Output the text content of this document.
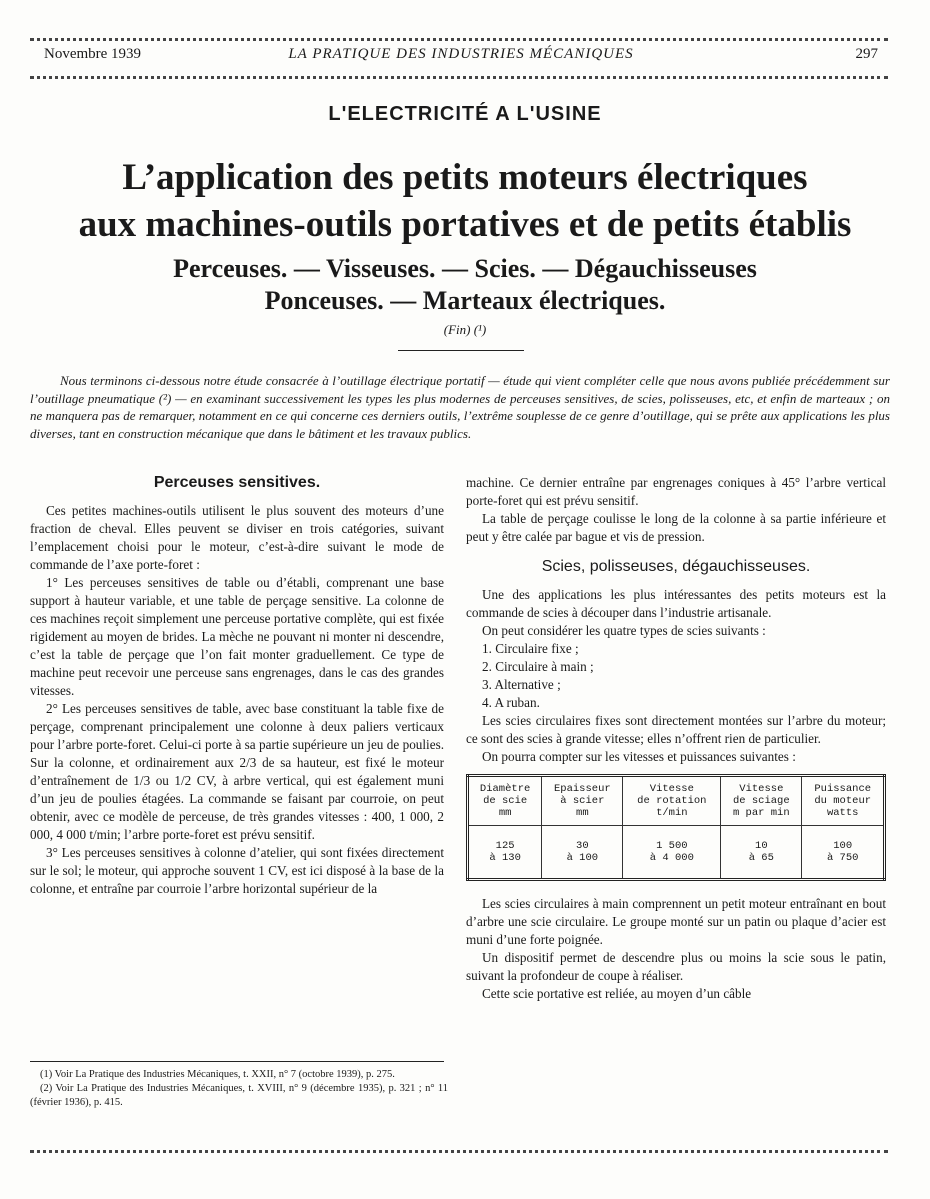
Novembre 1939	LA PRATIQUE DES INDUSTRIES MÉCANIQUES	297
L'ELECTRICITÉ A L'USINE
L’application des petits moteurs électriques
aux machines-outils portatives et de petits établis
Perceuses. — Visseuses. — Scies. — Dégauchisseuses
Ponceuses. — Marteaux électriques.
(Fin) (¹)

Nous terminons ci-dessous notre étude consacrée à l’outillage électrique portatif — étude qui vient compléter celle que nous avons publiée précédemment sur l’outillage pneumatique (²) — en examinant successivement les types les plus modernes de perceuses sensitives, de scies, polisseuses, etc, et enfin de marteaux ; on ne manquera pas de remarquer, notamment en ce qui concerne ces derniers outils, l’extrême souplesse de ce genre d’outillage, qui se prête aux applications les plus diverses, tant en construction mécanique que dans le bâtiment et les travaux publics.

Perceuses sensitives.

Ces petites machines-outils utilisent le plus souvent des moteurs d’une fraction de cheval. Elles peuvent se diviser en trois catégories, suivant l’emplacement choisi pour le moteur, c’est-à-dire suivant le mode de commande de l’axe porte-foret :

1° Les perceuses sensitives de table ou d’établi, comprenant une base support à hauteur variable, et une table de perçage sensitive. La colonne de ces machines reçoit simplement une perceuse portative complète, qui est fixée rigidement au moyen de brides. La mèche ne pouvant ni monter ni descendre, c’est la table de perçage que l’on fait monter graduellement. Ce type de machine peut recevoir une perceuse sans engrenages, dans le cas des grandes vitesses.

2° Les perceuses sensitives de table, avec base constituant la table fixe de perçage, comprenant principalement une colonne à deux paliers verticaux pour l’arbre porte-foret. Celui-ci porte à sa partie supérieure un jeu de poulies. Sur la colonne, et ordinairement aux 2/3 de sa hauteur, est fixé le moteur d’entraînement de 1/3 ou 1/2 CV, à arbre vertical, qui est également muni d’un jeu de poulies étagées. La commande se faisant par courroie, on peut obtenir, avec ce modèle de perceuse, de très grandes vitesses : 400, 1 000, 2 000, 4 000 t/min; l’arbre porte-foret est prévu sensitif.

3° Les perceuses sensitives à colonne d’atelier, qui sont fixées directement sur le sol; le moteur, qui approche souvent 1 CV, est ici disposé à la base de la colonne, et entraîne par courroie l’arbre horizontal supérieur de la

(1) Voir La Pratique des Industries Mécaniques, t. XXII, n° 7 (octobre 1939), p. 275.

(2) Voir La Pratique des Industries Mécaniques, t. XVIII, n° 9 (décembre 1935), p. 321 ; n° 11 (février 1936), p. 415.

machine. Ce dernier entraîne par engrenages coniques à 45° l’arbre vertical porte-foret qui est prévu sensitif.

La table de perçage coulisse le long de la colonne à sa partie inférieure et peut y être calée par bague et vis de pression.

Scies, polisseuses, dégauchisseuses.

Une des applications les plus intéressantes des petits moteurs est la commande de scies à découper dans l’industrie artisanale.

On peut considérer les quatre types de scies suivants :

1. Circulaire fixe ;
2. Circulaire à main ;
3. Alternative ;
4. A ruban.

Les scies circulaires fixes sont directement montées sur l’arbre du moteur; ce sont des scies à grande vitesse; elles n’offrent rien de particulier.

On pourra compter sur les vitesses et puissances suivantes :

Diamètre
de scie
mm	Epaisseur
à scier
mm	Vitesse
de rotation
t/min	Vitesse
de sciage
m par min	Puissance
du moteur
watts
125
à 130	30
à 100	1 500
à 4 000	10
à 65	100
à 750

Les scies circulaires à main comprennent un petit moteur entraînant en bout d’arbre une scie circulaire. Le groupe monté sur un patin ou plaque d’acier est muni d’une forte poignée.

Un dispositif permet de descendre plus ou moins la scie sous le patin, suivant la profondeur de coupe à réaliser.

Cette scie portative est reliée, au moyen d’un câble
